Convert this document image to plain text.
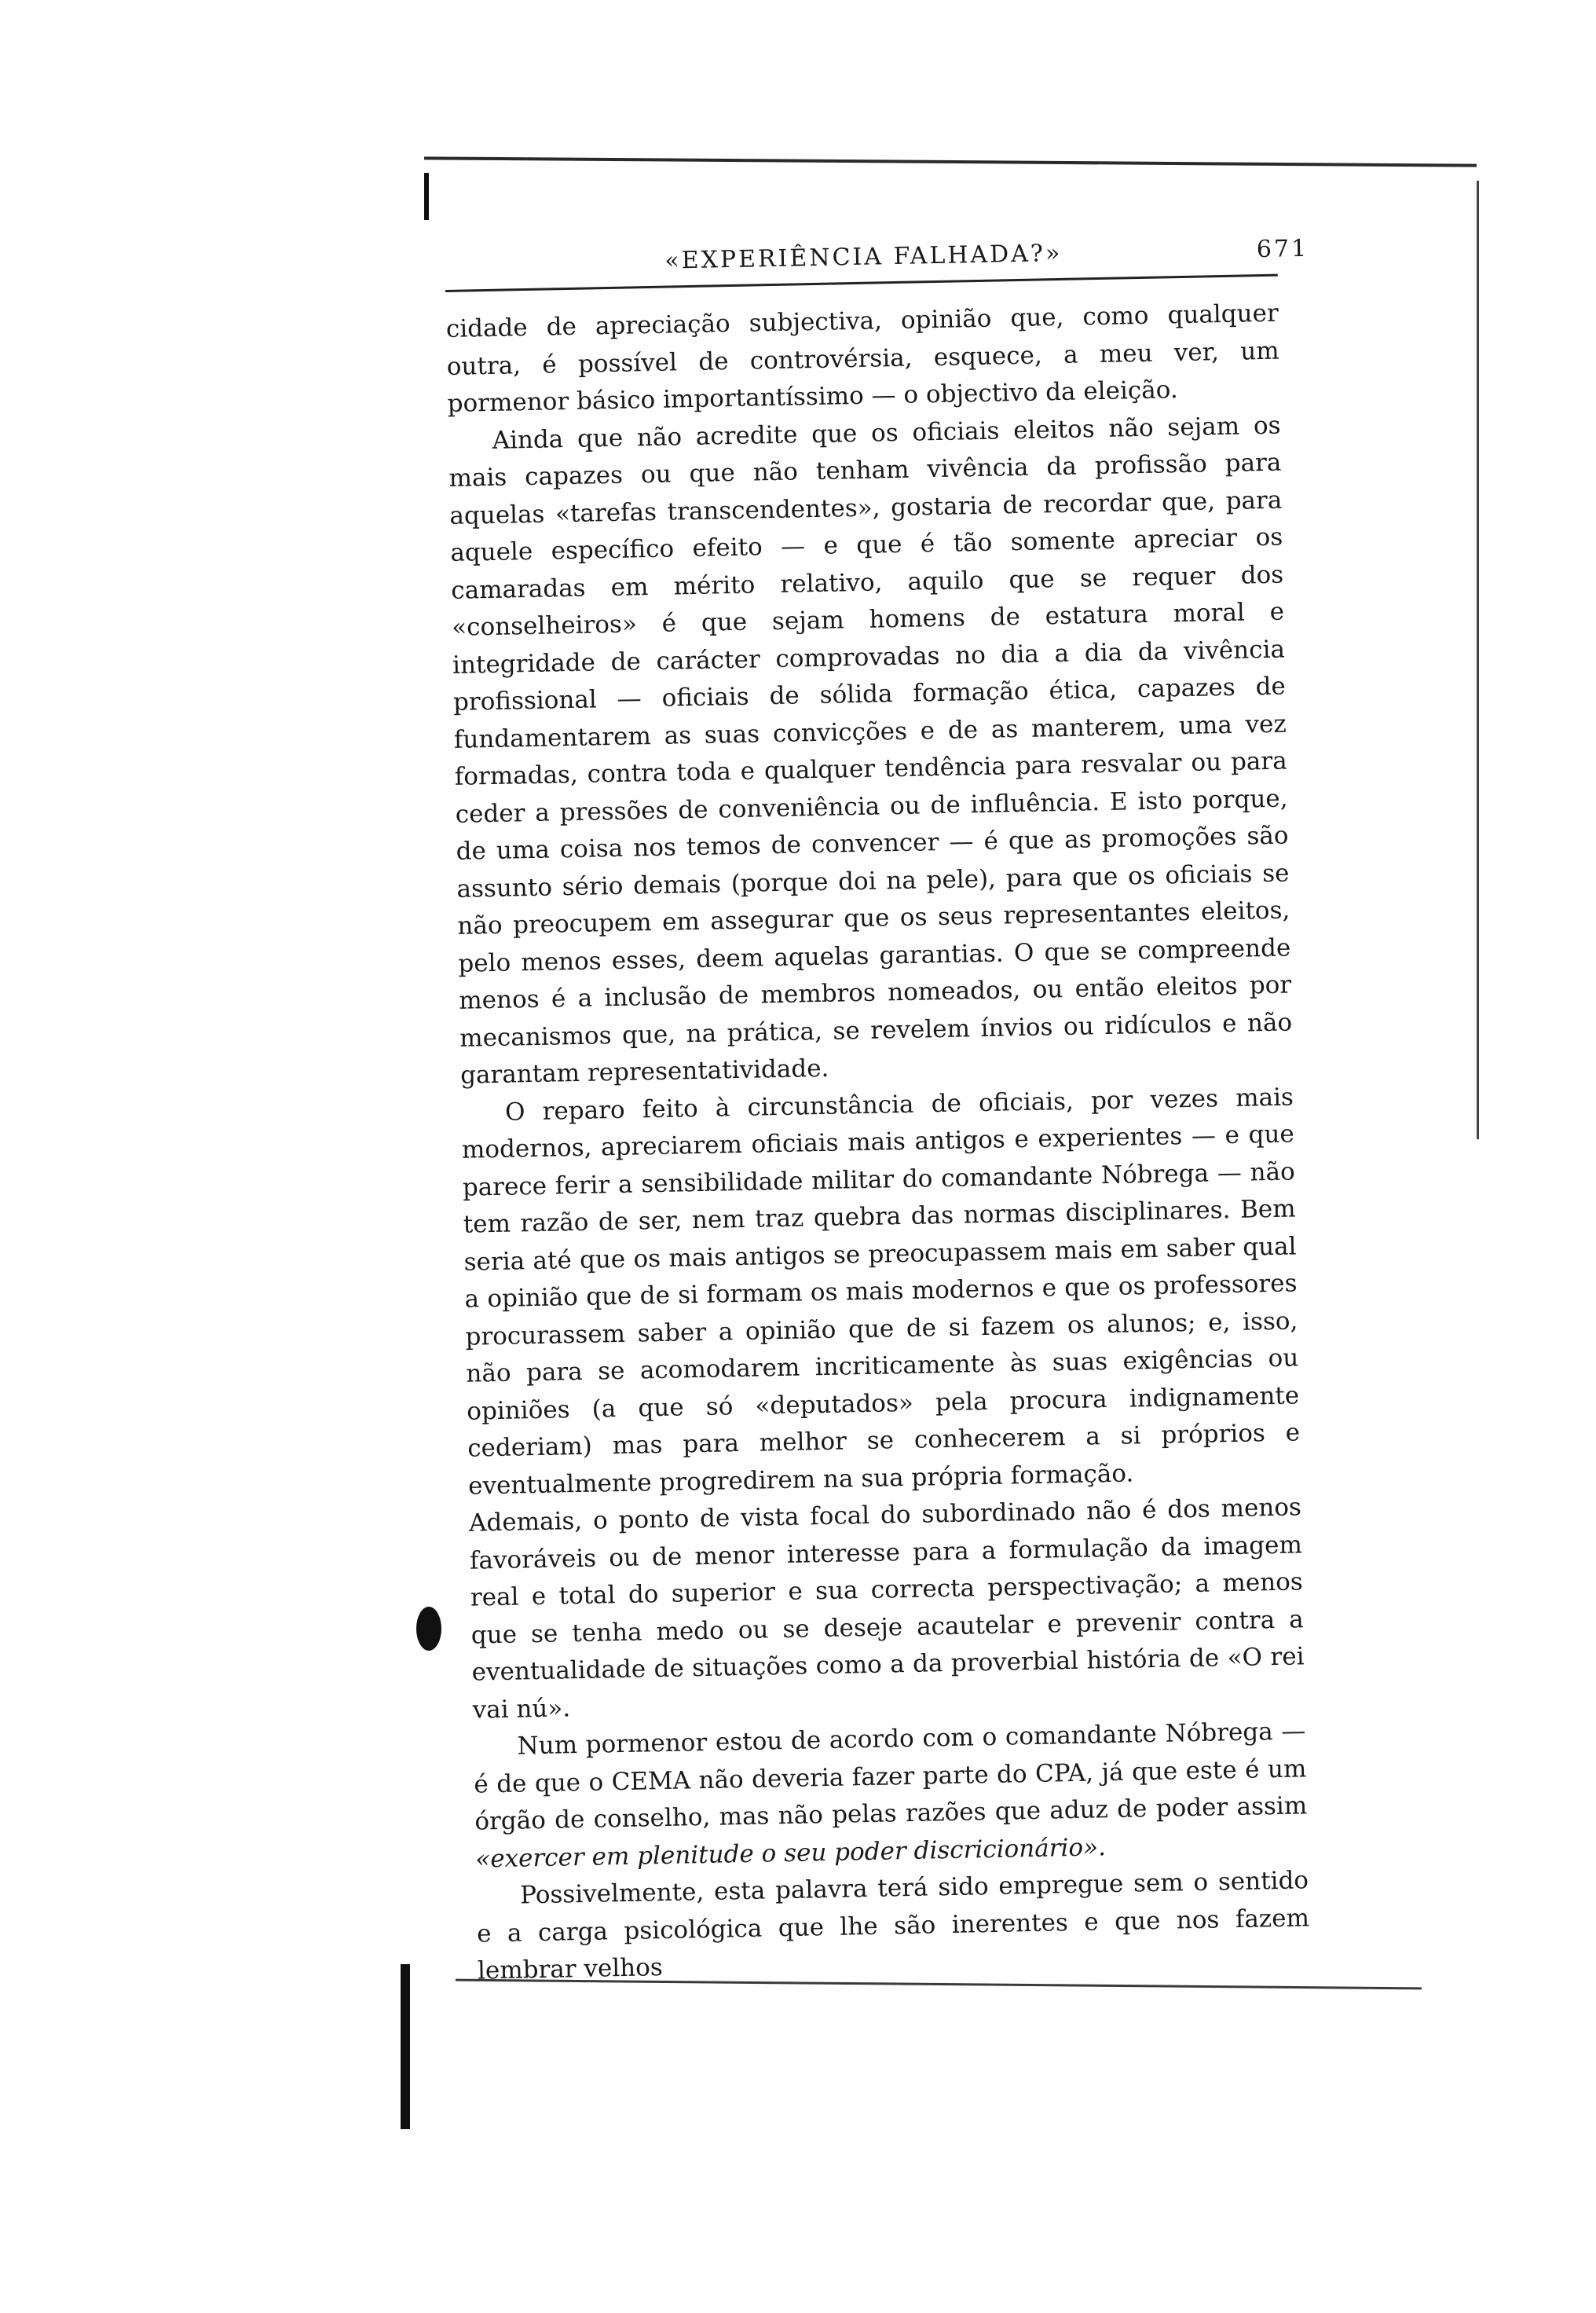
«EXPERIÊNCIA FALHADA?»	671

cidade de apreciação subjectiva, opinião que, como qualquer outra, é possível de controvérsia, esquece, a meu ver, um pormenor básico importantíssimo — o objectivo da eleição.

Ainda que não acredite que os oficiais eleitos não sejam os mais capazes ou que não tenham vivência da profissão para aquelas «tarefas transcendentes», gostaria de recordar que, para aquele específico efeito — e que é tão somente apreciar os camaradas em mérito relativo, aquilo que se requer dos «conselheiros» é que sejam homens de estatura moral e integridade de carácter comprovadas no dia a dia da vivência profissional — oficiais de sólida formação ética, capazes de fundamentarem as suas convicções e de as manterem, uma vez formadas, contra toda e qualquer tendência para resvalar ou para ceder a pressões de conveniência ou de influência. E isto porque, de uma coisa nos temos de convencer — é que as promoções são assunto sério demais (porque doi na pele), para que os oficiais se não preocupem em assegurar que os seus representantes eleitos, pelo menos esses, deem aquelas garantias. O que se compreende menos é a inclusão de membros nomeados, ou então eleitos por mecanismos que, na prática, se revelem ínvios ou ridículos e não garantam representatividade.

O reparo feito à circunstância de oficiais, por vezes mais modernos, apreciarem oficiais mais antigos e experientes — e que parece ferir a sensibilidade militar do comandante Nóbrega — não tem razão de ser, nem traz quebra das normas disciplinares. Bem seria até que os mais antigos se preocupassem mais em saber qual a opinião que de si formam os mais modernos e que os professores procurassem saber a opinião que de si fazem os alunos; e, isso, não para se acomodarem incriticamente às suas exigências ou opiniões (a que só «deputados» pela procura indignamente cederiam) mas para melhor se conhecerem a si próprios e eventualmente progredirem na sua própria formação.

Ademais, o ponto de vista focal do subordinado não é dos menos favoráveis ou de menor interesse para a formulação da imagem real e total do superior e sua correcta perspectivação; a menos que se tenha medo ou se deseje acautelar e prevenir contra a eventualidade de situações como a da proverbial história de «O rei vai nú».

Num pormenor estou de acordo com o comandante Nóbrega — é de que o CEMA não deveria fazer parte do CPA, já que este é um órgão de conselho, mas não pelas razões que aduz de poder assim «exercer em plenitude o seu poder discricionário».

Possivelmente, esta palavra terá sido empregue sem o sentido e a carga psicológica que lhe são inerentes e que nos fazem lembrar velhos
